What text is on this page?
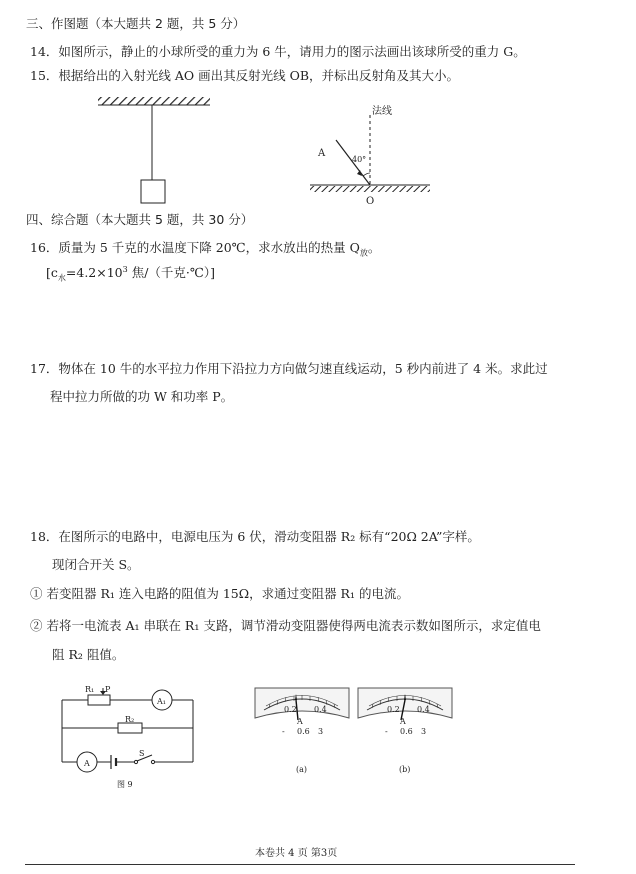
三、作图题（本大题共 2 题，共 5 分）
14．如图所示，静止的小球所受的重力为 6 牛，请用力的图示法画出该球所受的重力 G。
15．根据给出的入射光线 AO 画出其反射光线 OB，并标出反射角及其大小。
法线
A
40°
O
四、综合题（本大题共 5 题，共 30 分）
16．质量为 5 千克的水温度下降 20℃，求水放出的热量 $Q_放$。
[$c_水=4.2\times 10^3$ 焦/（千克·℃）]
17．物体在 10 牛的水平拉力作用下沿拉力方向做匀速直线运动，5 秒内前进了 4 米。求此过
程中拉力所做的功 W 和功率 P。
18．在图所示的电路中，电源电压为 6 伏，滑动变阻器 R₂ 标有“20Ω 2A”字样。
现闭合开关 S。
① 若变阻器 R₁ 连入电路的阻值为 15Ω，求通过变阻器 R₁ 的电流。
② 若将一电流表 A₁ 串联在 R₁ 支路，调节滑动变阻器使得两电流表示数如图所示，求定值电
阻 R₂ 阻值。
R₁ P
A₁
R₂
A
S
图 9
0.2 0.4
A
- 0.6 3
(a)
0.2 0.4
A
- 0.6 3
(b)
本卷共 4 页 第3页
